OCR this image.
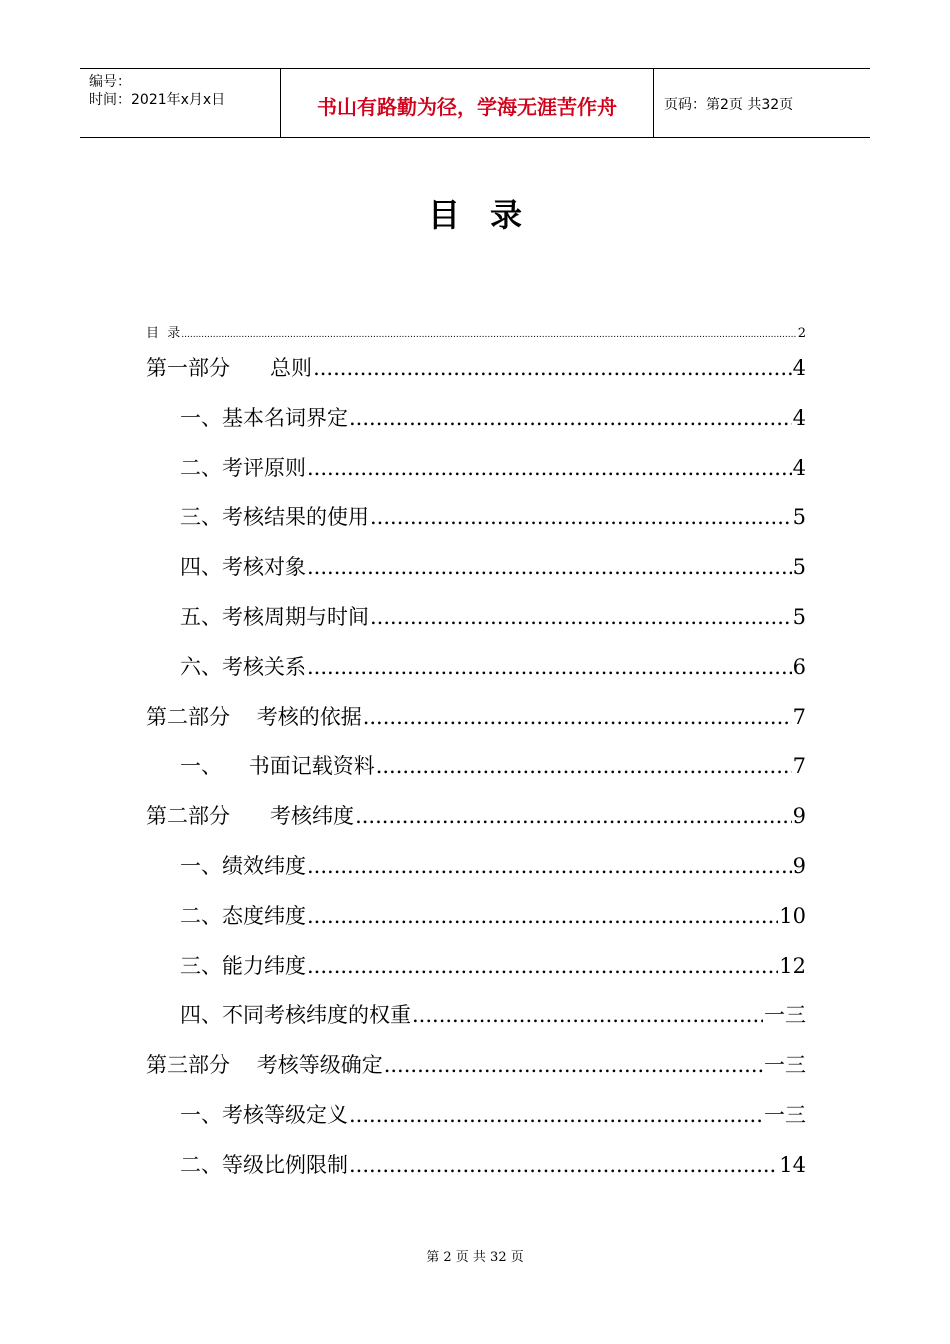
编号：
时间：2021年x月x日	书山有路勤为径，学海无涯苦作舟	页码：第2页 共32页
目录
目  录 .....	2
第一部分      总则 .....	4
一、基本名词界定 .....	4
二、考评原则 .....	4
三、考核结果的使用 .....	5
四、考核对象 .....	5
五、考核周期与时间 .....	5
六、考核关系 .....	6
第二部分    考核的依据 .....	7
一、    书面记载资料 .....	7
第二部分      考核纬度 .....	9
一、绩效纬度 .....	9
二、态度纬度 .....	10
三、能力纬度 .....	12
四、不同考核纬度的权重 .....	一三
第三部分    考核等级确定 .....	一三
一、考核等级定义 .....	一三
二、等级比例限制 .....	14
第 2 页 共 32 页
